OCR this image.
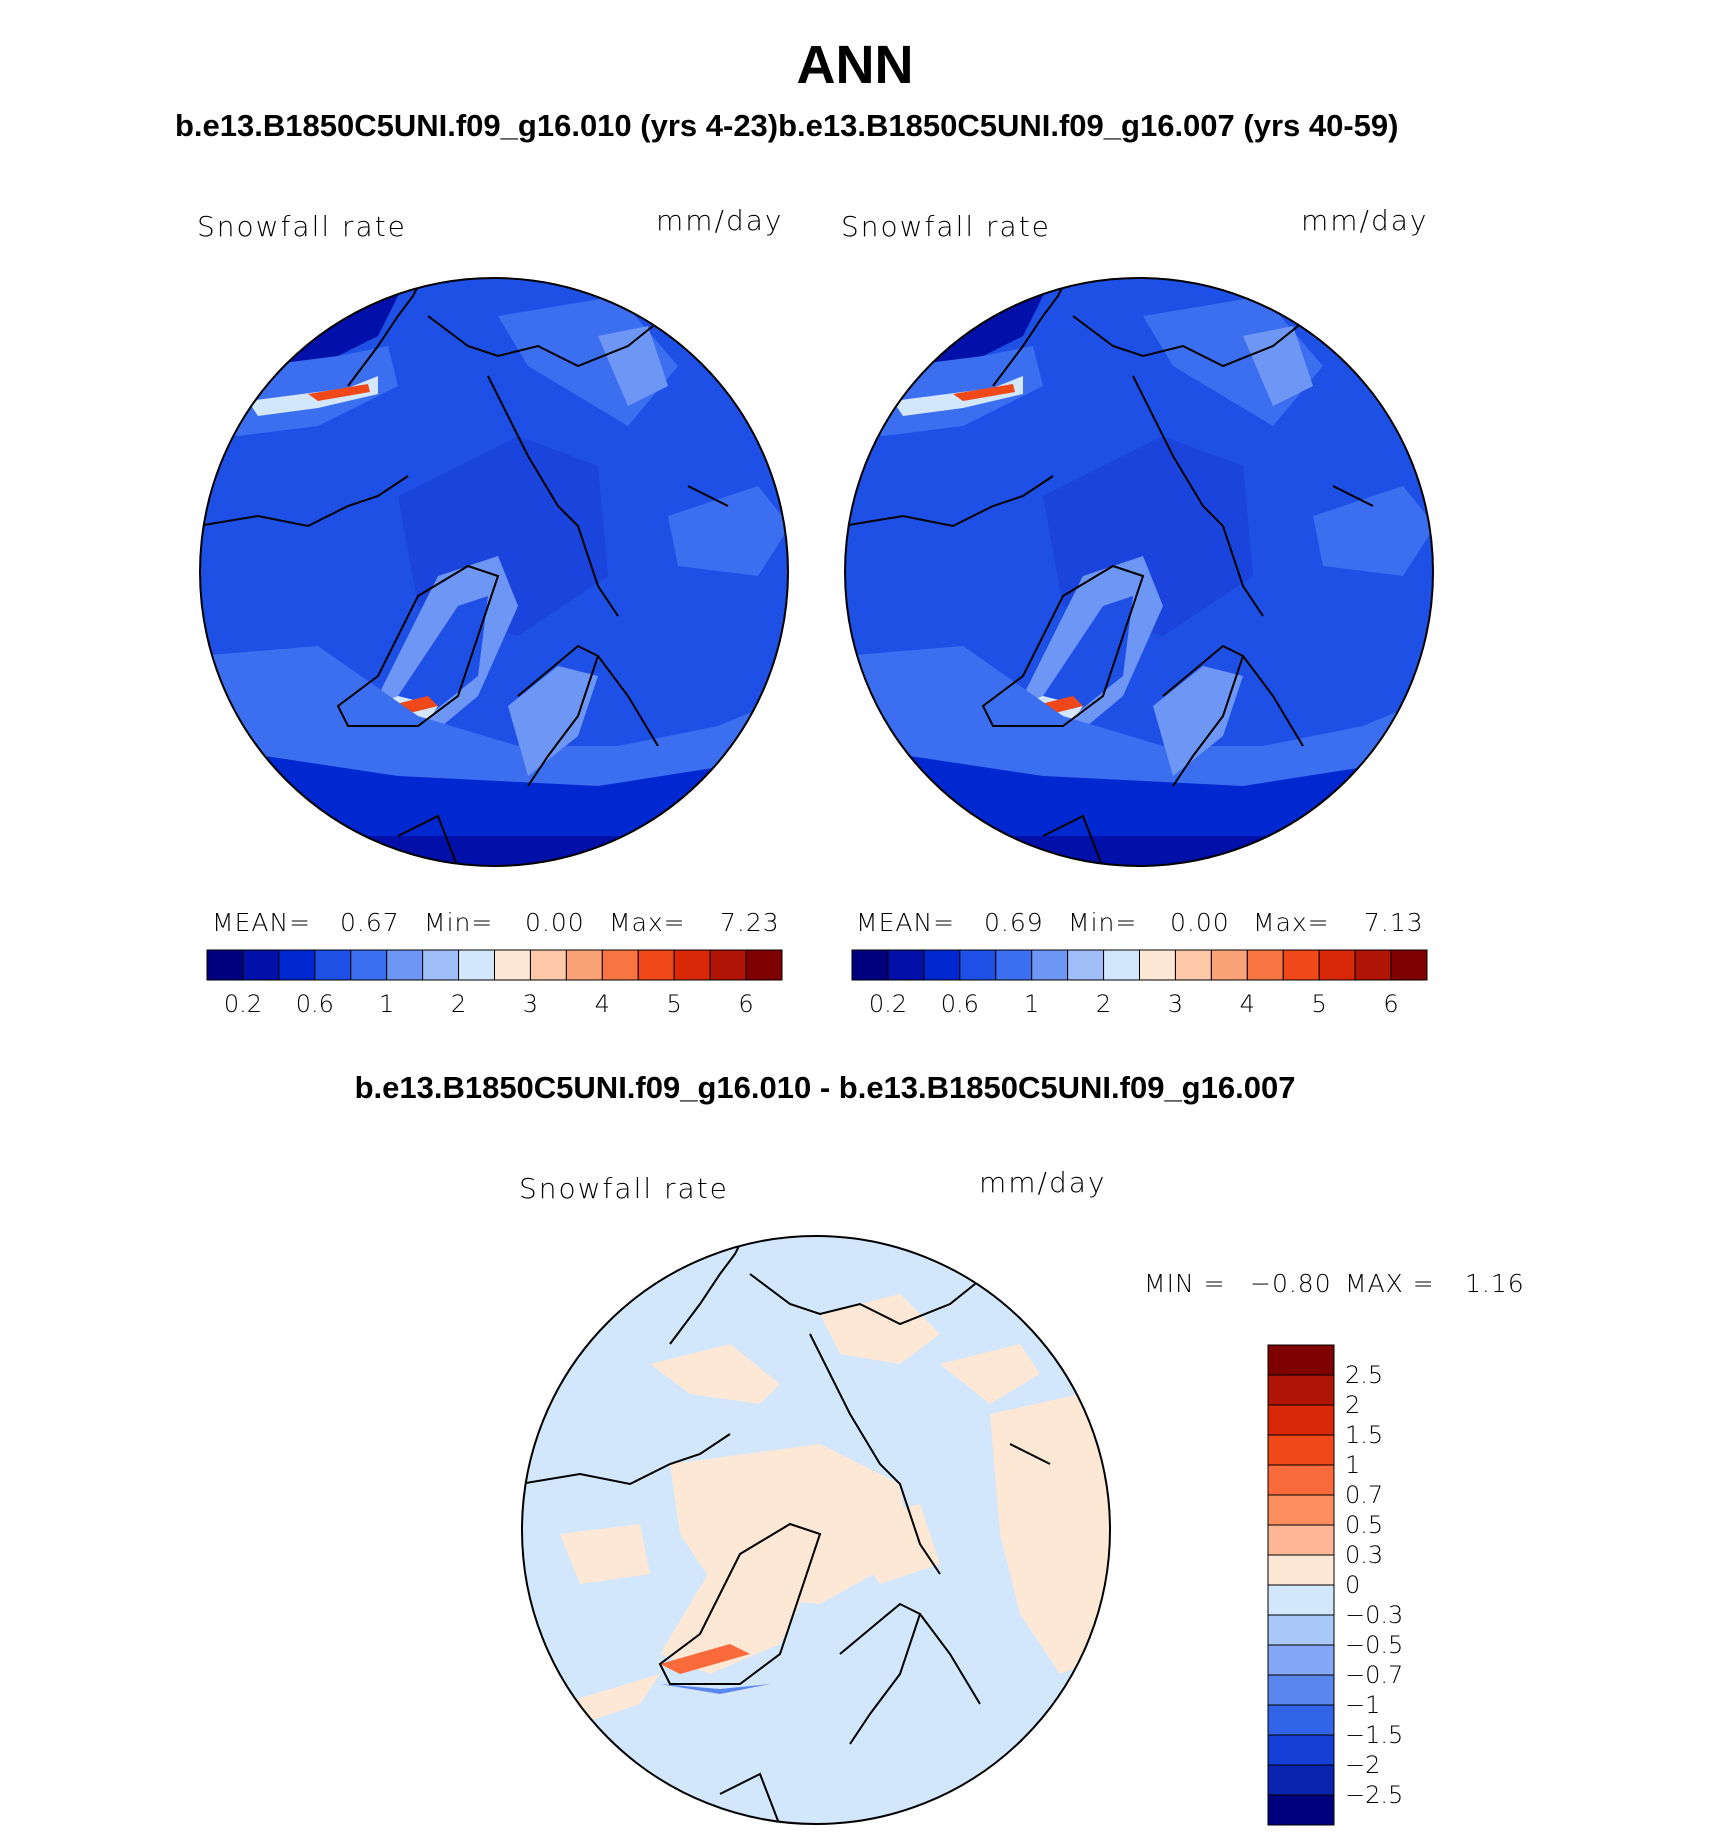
ANN
b.e13.B1850C5UNI.f09_g16.010 (yrs 4-23)b.e13.B1850C5UNI.f09_g16.007 (yrs 40-59)
Snowfall rate	mm/day Snowfall rate	mm/day
MEAN= 0.67 Min= 0.00 Max= 7.23	MEAN= 0.69 Min= 0.00 Max= 7.13
0.2 0.6 1 2 3 4 5 6	0.2 0.6 1 2 3 4 5 6
b.e13.B1850C5UNI.f09_g16.010 - b.e13.B1850C5UNI.f09_g16.007
Snowfall rate	mm/day
MIN = −0.80 MAX = 1.16
2.5
2
1.5
1
0.7
0.5
0.3
0
−0.3
−0.5
−0.7
−1
−1.5
−2
−2.5
